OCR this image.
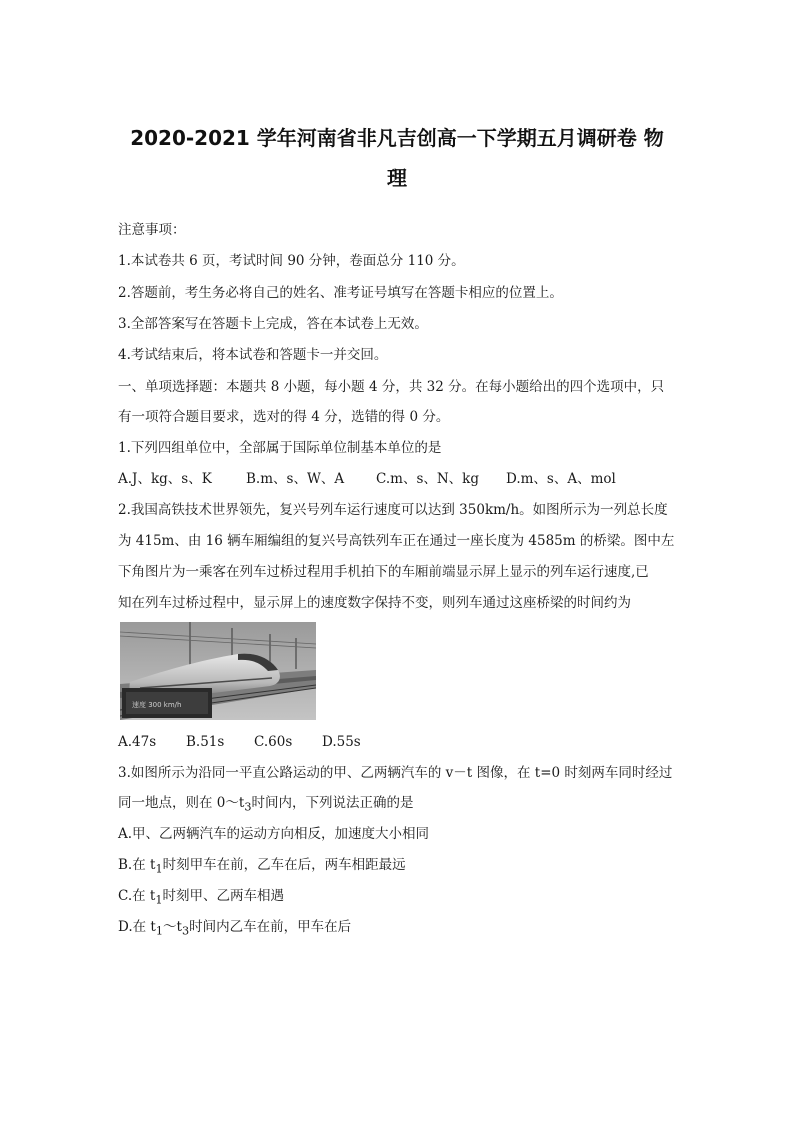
2020-2021 学年河南省非凡吉创高一下学期五月调研卷 物
理
注意事项：
1.本试卷共 6 页，考试时间 90 分钟，卷面总分 110 分。
2.答题前，考生务必将自己的姓名、准考证号填写在答题卡相应的位置上。
3.全部答案写在答题卡上完成，答在本试卷上无效。
4.考试结束后，将本试卷和答题卡一并交回。
一、单项选择题：本题共 8 小题，每小题 4 分，共 32 分。在每小题给出的四个选项中，只
有一项符合题目要求，选对的得 4 分，选错的得 0 分。
1.下列四组单位中，全部属于国际单位制基本单位的是
A.J、kg、s、K	B.m、s、W、A C.m、s、N、kg D.m、s、A、mol
2.我国高铁技术世界领先，复兴号列车运行速度可以达到 350km/h。如图所示为一列总长度
为 415m、由 16 辆车厢编组的复兴号高铁列车正在通过一座长度为 4585m 的桥梁。图中左
下角图片为一乘客在列车过桥过程用手机拍下的车厢前端显示屏上显示的列车运行速度,已
知在列车过桥过程中，显示屏上的速度数字保持不变，则列车通过这座桥梁的时间约为
速度 300 km/h
A.47s B.51s C.60s D.55s
3.如图所示为沿同一平直公路运动的甲、乙两辆汽车的 v－t 图像，在 t=0 时刻两车同时经过
同一地点，则在 $0\sim t_3$时间内，下列说法正确的是
A.甲、乙两辆汽车的运动方向相反，加速度大小相同
B.在 $t_1$时刻甲车在前，乙车在后，两车相距最远
C.在 $t_1$时刻甲、乙两车相遇
D.在 $t_1\sim t_3$时间内乙车在前，甲车在后
